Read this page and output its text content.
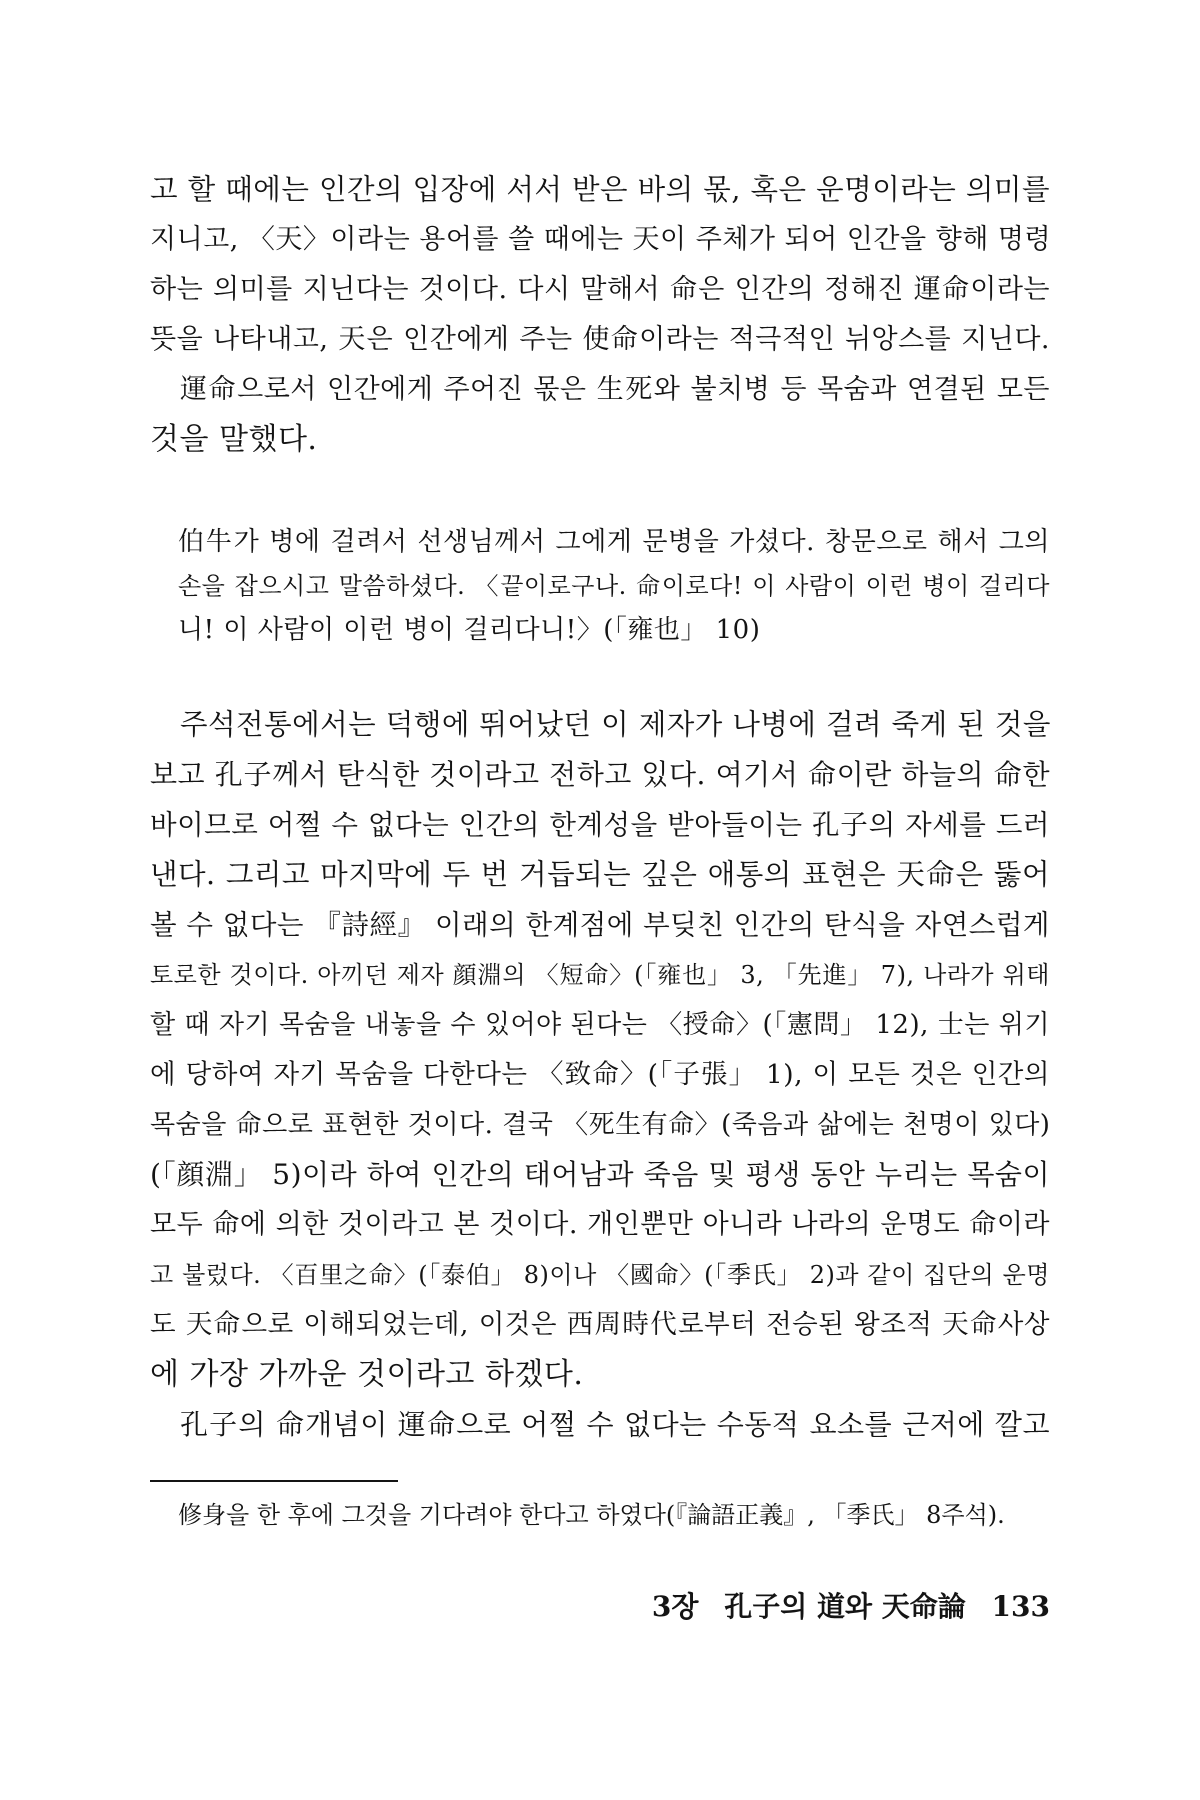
고 할 때에는 인간의 입장에 서서 받은 바의 몫, 혹은 운명이라는 의미를
지니고, 〈天〉이라는 용어를 쓸 때에는 天이 주체가 되어 인간을 향해 명령
하는 의미를 지닌다는 것이다. 다시 말해서 命은 인간의 정해진 運命이라는
뜻을 나타내고, 天은 인간에게 주는 使命이라는 적극적인 뉘앙스를 지닌다.
運命으로서 인간에게 주어진 몫은 生死와 불치병 등 목숨과 연결된 모든
것을 말했다.
伯牛가 병에 걸려서 선생님께서 그에게 문병을 가셨다. 창문으로 해서 그의
손을 잡으시고 말씀하셨다. 〈끝이로구나. 命이로다! 이 사람이 이런 병이 걸리다
니! 이 사람이 이런 병이 걸리다니!〉(「雍也」 10)
주석전통에서는 덕행에 뛰어났던 이 제자가 나병에 걸려 죽게 된 것을
보고 孔子께서 탄식한 것이라고 전하고 있다. 여기서 命이란 하늘의 命한
바이므로 어쩔 수 없다는 인간의 한계성을 받아들이는 孔子의 자세를 드러
낸다. 그리고 마지막에 두 번 거듭되는 깊은 애통의 표현은 天命은 뚫어
볼 수 없다는 『詩經』 이래의 한계점에 부딪친 인간의 탄식을 자연스럽게
토로한 것이다. 아끼던 제자 顔淵의 〈短命〉(「雍也」 3, 「先進」 7), 나라가 위태
할 때 자기 목숨을 내놓을 수 있어야 된다는 〈授命〉(「憲問」 12), 士는 위기
에 당하여 자기 목숨을 다한다는 〈致命〉(「子張」 1), 이 모든 것은 인간의
목숨을 命으로 표현한 것이다. 결국 〈死生有命〉(죽음과 삶에는 천명이 있다)
(「顔淵」 5)이라 하여 인간의 태어남과 죽음 및 평생 동안 누리는 목숨이
모두 命에 의한 것이라고 본 것이다. 개인뿐만 아니라 나라의 운명도 命이라
고 불렀다. 〈百里之命〉(「泰伯」 8)이나 〈國命〉(「季氏」 2)과 같이 집단의 운명
도 天命으로 이해되었는데, 이것은 西周時代로부터 전승된 왕조적 天命사상
에 가장 가까운 것이라고 하겠다.
孔子의 命개념이 運命으로 어쩔 수 없다는 수동적 요소를 근저에 깔고
修身을 한 후에 그것을 기다려야 한다고 하였다(『論語正義』, 「季氏」 8주석).
3장 孔子의 道와 天命論 133
